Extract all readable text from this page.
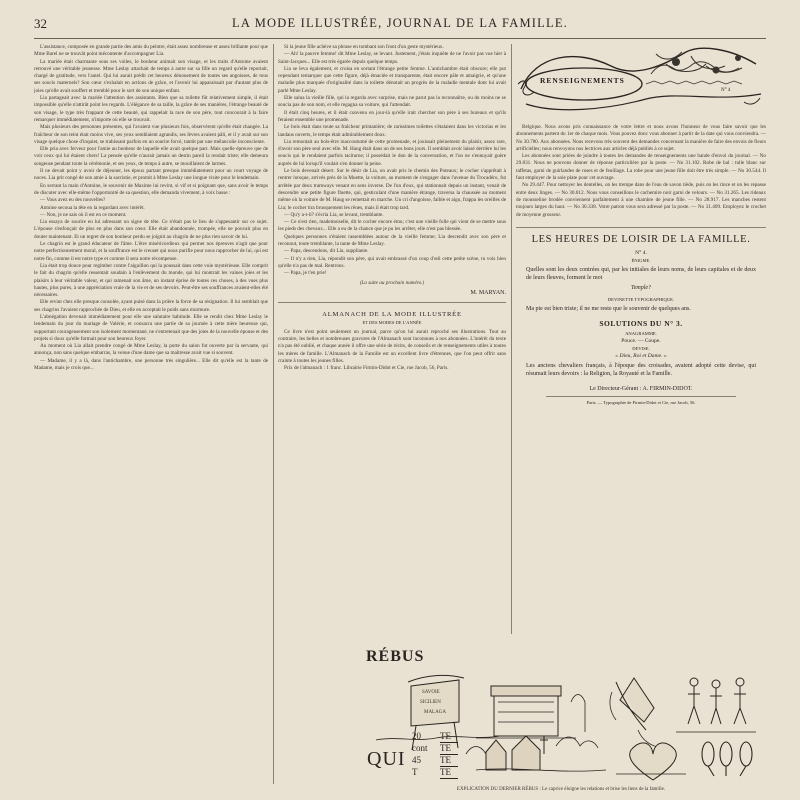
32	LA MODE ILLUSTRÉE, JOURNAL DE LA FAMILLE.

L'assistance, composée en grande partie des amis du peintre, était assez nombreuse et assez brillante pour que Mme Barel ne se trouvât point mécontente d'accompagner Lia.

La mariée était charmante sous ses voiles, le bonheur animait son visage, et les traits d'Antoine avaient retrouvé une véritable jeunesse. Mme Leslay attachait de temps à autre sur sa fille un regard qu'elle reportait, chargé de gratitude, vers l'autel. Qui lui aurait prédit cet heureux dénouement de toutes ses angoisses, de tous ses soucis maternels? Son cœur s'exhalait en actions de grâce, et l'avenir lui apparaissait par d'autant plus de joies qu'elle avait souffert et tremblé pour le sort de son unique enfant.

Lia partageait avec la mariée l'attention des assistants. Bien que sa toilette fût relativement simple, il était impossible qu'elle n'attirât point les regards. L'élégance de sa taille, la grâce de ses manières, l'étrange beauté de son visage, le type très frappant de cette beauté, qui rappelait la race de son père, tout concourait à la faire remarquer immédiatement, n'importe où elle se trouvait.

Mais plusieurs des personnes présentes, qui l'avaient vue plusieurs fois, observèrent qu'elle était changée. La fraîcheur de son teint était moins vive, ses yeux semblaient agrandis, ses lèvres avaient pâli, et il y avait sur son visage quelque chose d'inquiet, se trahissant parfois en un sourire forcé, tantôt par une mélancolie inconsciente.

Elle pria avec ferveur pour l'amie au bonheur de laquelle elle avait quelque part. Mais quelle épreuve que de voir ceux qui lui étaient chers! La pensée qu'elle n'aurait jamais un destin pareil la rendait triste; elle demeura songeuse pendant toute la cérémonie, et ses yeux, de temps à autre, se mouillaient de larmes.

Il ne devait point y avoir de déjeuner, les époux partant presque immédiatement pour un court voyage de noces. Lia prit congé de son amie à la sacristie, et promit à Mme Leslay une longue visite pour le lendemain.

En serrant la main d'Antoine, le souvenir de Maxime lui revint, si vif et si poignant que, sans avoir le temps de discuter avec elle-même l'opportunité de sa question, elle demanda vivement, à voix basse :

— Vous avez eu des nouvelles?

Antoine secoua la tête en la regardant avec intérêt.

— Non, je ne sais où il est en ce moment.

Lia essaya de sourire en lui adressant un signe de tête. Ce n'était pas le lieu de s'appesantir sur ce sujet. L'épouse s'enfonçait de plus en plus dans son cœur. Elle était abandonnée, trompée, elle ne pouvait plus en douter maintenant. Et un regret de son bonheur perdu se joignit au chagrin de ne plus rien savoir de lui.

Le chagrin est le grand éducateur de l'âme. L'être miséricordieux qui permet nos épreuves n'agit que pour notre perfectionnement moral, et la souffrance est le creuset qui nous purifie pour nous rapprocher de lui, qui est notre fin, comme il est notre type et comme il sera notre récompense.

Lia était trop douce pour regimber contre l'aiguillon qui la poussait dans cette voie mystérieuse. Elle comprit le fait du chagrin qu'elle ressentait soudain à l'enlèvement du monde, qui lui montrait les vaines joies et les plaisirs à leur véritable valeur, et qui ramenait son âme, un instant éprise de toutes ces choses, à des vues plus hautes, plus pures, à une appréciation vraie de la vie et de ses devoirs. Peut-être ses souffrances avaient-elles été nécessaires.

Elle revint chez elle presque consolée, ayant puisé dans la prière la force de sa résignation. Il lui semblait que ses chagrins l'avaient rapprochée de Dieu, et elle en acceptait le poids sans murmure.

L'abnégation devenait immédiatement pour elle une salutaire habitude. Elle se rendit chez Mme Leslay le lendemain du jour du mariage de Valérie, et consacra une partie de sa journée à cette mère heureuse qui, supportant courageusement son isolement momentané, ne s'entretenait que des joies de la nouvelle épouse et des projets si doux qu'elle formait pour son heureux foyer.

Au moment où Lia allait prendre congé de Mme Leslay, la porte du salon fut ouverte par la servante, qui annonça, non sans quelque embarras, la venue d'une dame que sa maîtresse avait vue si souvent.

— Madame, il y a là, dans l'antichambre, une personne très singulière... Elle dit qu'elle est la tante de Madame, mais je crois que...

Si la jeune fille achève sa phrase en tombant son front d'un geste mystérieux.

— Ah! la pauvre femme! dit Mme Leslay, se levant. Justement, j'étais inquiète de ne l'avoir pas vue hier à Saint-Jacques... Elle est très égarée depuis quelque temps.

Lia se leva également, et croisa en sortant l'étrange petite femme. L'antichambre était obscure; elle put cependant remarquer que cette figure, déjà émaciée et transparente, était encore pâle et amaigrie, et qu'une maladie plus marquée d'originalité dans la toilette dénotait un progrès de la maladie mentale dont lui avait parlé Mme Leslay.

Elle salua la vieille fille, qui la regarda avec surprise, mais ne parut pas la reconnaître, ou du moins ne se soucia pas de son nom, et elle regagna sa voiture, qui l'attendait.

Il était cinq heures, et il était convenu en jour-là qu'elle irait chercher son père à ses bureaux et qu'ils feraient ensemble une promenade.

Le bois était dans toute sa fraîcheur printanière; de rarissimes toilettes s'étalaient dans les victorias et les landaus ouverts, le temps était admirablement doux.

Lia remontait au bois-être inaccoutumé de cette promenade, et jouissait pleinement du plaisir, assez rare, d'avoir son père seul avec elle. M. Haug était dans un de ses bons jours. Il semblait avoir laissé derrière lui les soucis qui le rendaient parfois taciturne; il possédait le don de la conversation, et l'on ne s'ennuyait guère auprès de lui lorsqu'il voulait s'en donner la peine.

Le bois devenait désert. Sur le désir de Lia, on avait pris le chemin des Poteaux; le cocher s'apprêtait à rentrer lorsque, arrivés près de la Muette, la voiture, au moment de s'engager dans l'avenue du Trocadéro, fut arrêtée par deux tramways venant en sens inverse. De l'un d'eux, qui stationnait depuis un instant, venait de descendre une petite figure fluette, qui, gesticulant d'une manière étrange, traversa la chaussée au moment même où la voiture de M. Haug se remettait en marche. Un cri d'angoisse, faible et aigu, frappa les oreilles de Lia; le cocher tira brusquement les rênes, mais il était trop tard.

— Qu'y a-t-il? s'écria Lia, se levant, tremblante.

— Ce n'est rien, mademoiselle, dit le cocher encore ému; c'est une vieille folle qui vient de se mettre sous les pieds des chevaux... Elle a eu de la chance que je pu les arrêter, elle n'est pas blessée.

Quelques personnes s'étaient rassemblées autour de la vieille femme; Lia descendit avec son père et reconnut, toute tremblante, la tante de Mme Leslay.

— Papa, descendons, dit Lia, suppliante.

— Il n'y a rien, Lia, répondit son père, qui avait embrassé d'un coup d'œil cette petite scène, tu vois bien qu'elle n'a pas de mal. Rentrons.

— Papa, je t'en prie!

(La suite au prochain numéro.)
M. MARYAN.
ALMANACH DE LA MODE ILLUSTRÉE
ET DES MODES DE L'ANNÉE

Ce livre n'est point seulement un journal, parce qu'on lui aurait reproché ses illustrations. Tout au contraire, les belles et nombreuses gravures de l'Almanach sont inconnues à nos abonnées. L'intérêt du texte n'a pas été oublié, et chaque année il offre une série de récits, de conseils et de renseignements utiles à toutes les mères de famille. L'Almanach de la Famille est un excellent livre d'étrennes, que l'on peut offrir sans crainte à toutes les jeunes filles.

Prix de l'almanach : 1 franc. Librairie Firmin-Didot et Cie, rue Jacob, 56, Paris.

RENSEIGNEMENTS
N° 4

Belgique. Nous avons pris connaissance de votre lettre et nous avons l'honneur de vous faire savoir que les abonnements partent du 1er de chaque mois. Vous pouvez donc vous abonner à partir de la date qui vous conviendra. — No 30.780. Aux abonnées. Nous recevons très souvent des demandes concernant la manière de faire des envois de fleurs artificielles; nous renvoyons nos lectrices aux articles déjà publiés à ce sujet.

Les abonnées sont priées de joindre à toutes les demandes de renseignements une bande d'envoi du journal. — No 29.831. Nous ne pouvons donner de réponse particulière par la poste. — No 31.102. Robe de bal : tulle blanc sur taffetas, garni de guirlandes de roses et de feuillage. La robe pour une jeune fille doit être très simple. — No 30.544. Il faut employer de la soie plate pour cet ouvrage.

No 29.447. Pour nettoyer les dentelles, on les trempe dans de l'eau de savon tiède, puis on les rince et on les repasse entre deux linges. — No 30.012. Nous vous conseillons le cachemire noir garni de velours. — No 31.265. Les rideaux de mousseline brodée conviennent parfaitement à une chambre de jeune fille. — No 28.917. Les manches restent toujours larges du haut. — No 30.338. Votre patron vous sera adressé par la poste. — No 31.409. Employez le crochet de moyenne grosseur.

LES HEURES DE LOISIR DE LA FAMILLE.
N° 4.
ÉNIGME.
Quelles sont les deux contrées qui, par les initiales de leurs noms, de leurs capitales et de deux de leurs fleuves, forment le mot
Temple?
DEVINETTE TYPOGRAPHIQUE.
Ma pie est bien triste; il ne me reste que le souvenir de quelques ans.
SOLUTIONS DU N° 3.
ANAGRAMME.
Pouce. — Coupe.
DEVISE.
« Dieu, Roi et Dame. »
Les anciens chevaliers français, à l'époque des croisades, avaient adopté cette devise, qui résumait leurs devoirs : la Religion, la Royauté et la Famille.
Le Directeur-Gérant : A. FIRMIN-DIDOT.
Paris. — Typographie de Firmin-Didot et Cie, rue Jacob, 56.
RÉBUS
SAVOIE
SICILIEN
MALAGA
QUI
20 TE
cont TE
45 TE
T	TE
EXPLICATION DU DERNIER RÉBUS : Le caprice éloigne les relations et brise les liens de la famille.
